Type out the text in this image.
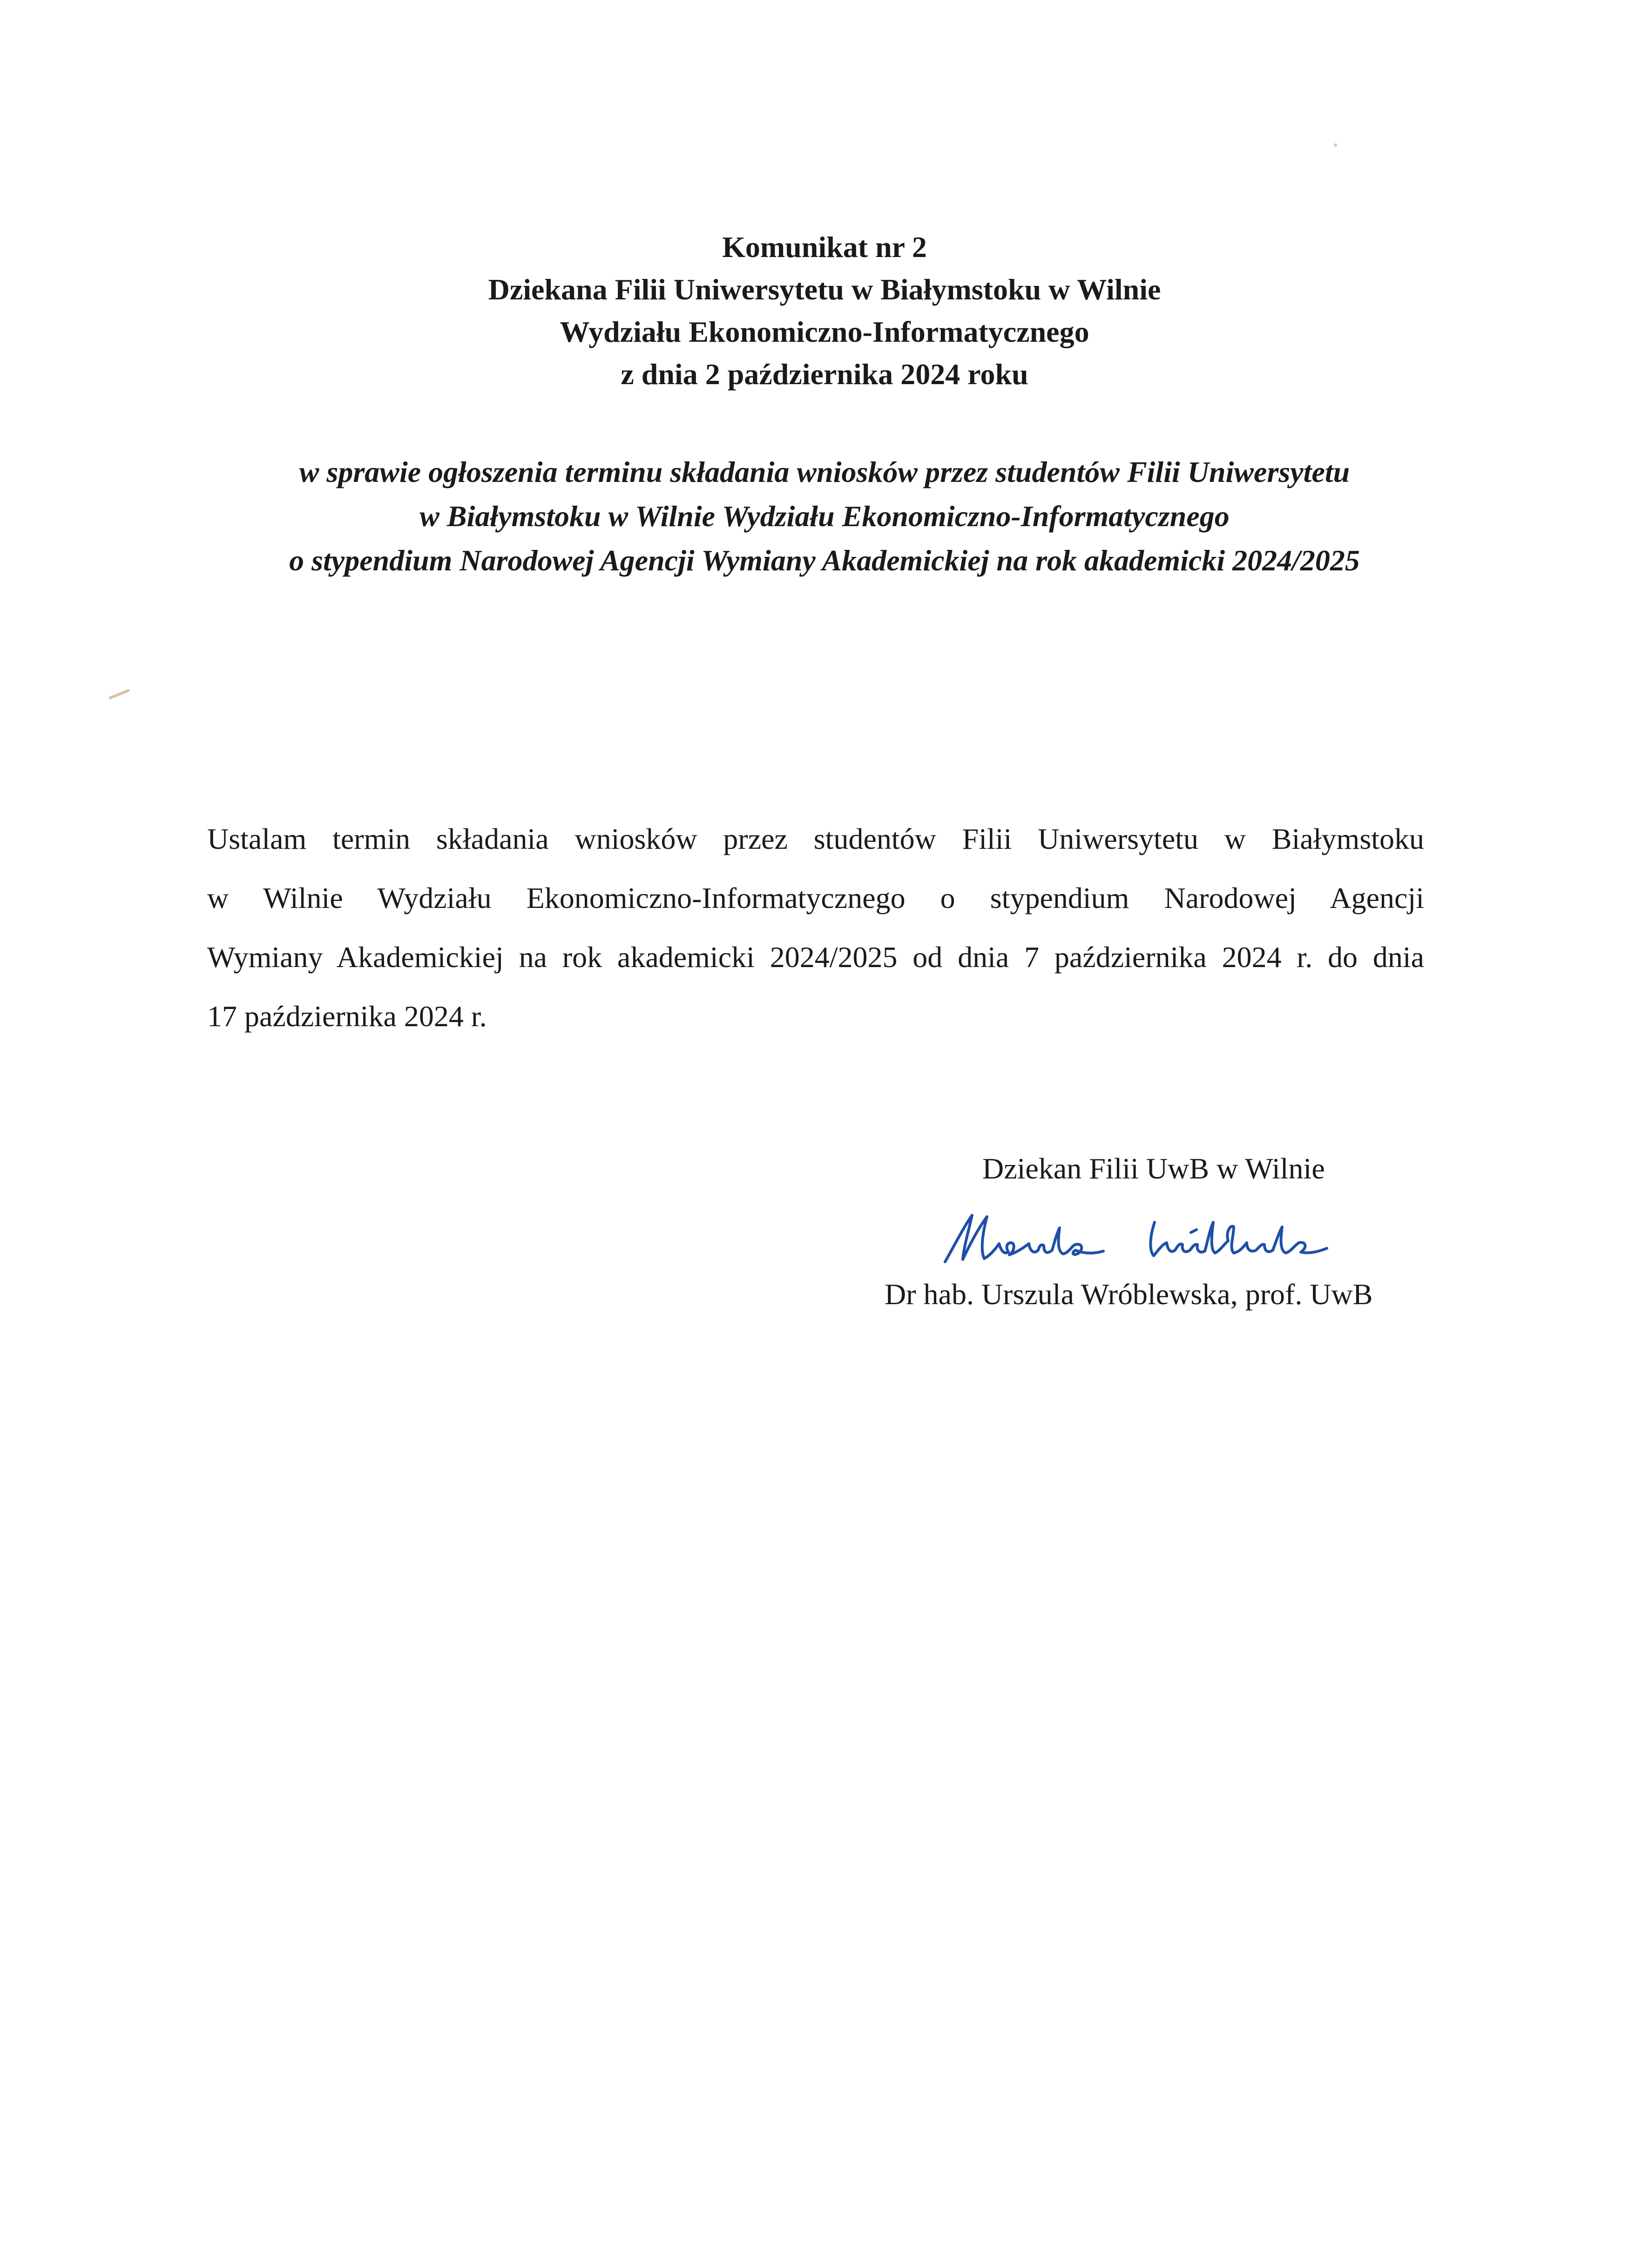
Komunikat nr 2
Dziekana Filii Uniwersytetu w Białymstoku w Wilnie
Wydziału Ekonomiczno-Informatycznego
z dnia 2 października 2024 roku
w sprawie ogłoszenia terminu składania wniosków przez studentów Filii Uniwersytetu
w Białymstoku w Wilnie Wydziału Ekonomiczno-Informatycznego
o stypendium Narodowej Agencji Wymiany Akademickiej na rok akademicki 2024/2025
Ustalam termin składania wniosków przez studentów Filii Uniwersytetu w Białymstoku
w Wilnie Wydziału Ekonomiczno-Informatycznego o stypendium Narodowej Agencji
Wymiany Akademickiej na rok akademicki 2024/2025 od dnia 7 października 2024 r. do dnia
17 października 2024 r.
Dziekan Filii UwB w Wilnie
Dr hab. Urszula Wróblewska, prof. UwB
